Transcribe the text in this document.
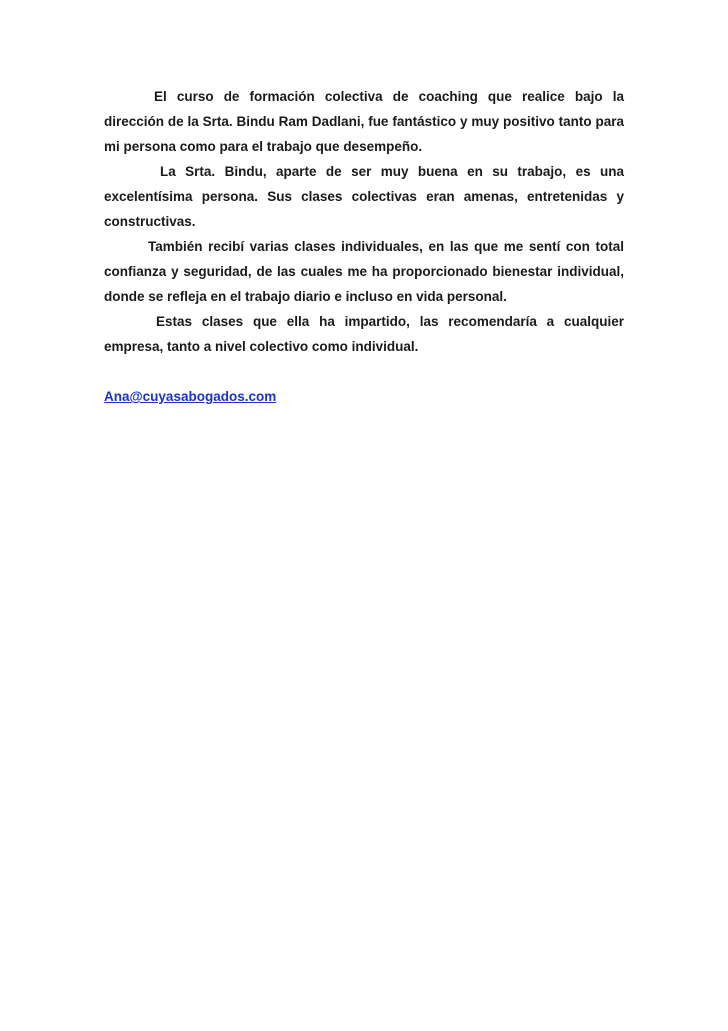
El curso de formación colectiva de coaching que realice bajo la dirección de la Srta. Bindu Ram Dadlani, fue fantástico y muy positivo tanto para mi persona como para el trabajo que desempeño.

La Srta. Bindu, aparte de ser muy buena en su trabajo, es una excelentísima persona. Sus clases colectivas eran amenas, entretenidas y constructivas.

También recibí varias clases individuales, en las que me sentí con total confianza y seguridad, de las cuales me ha proporcionado bienestar individual, donde se refleja en el trabajo diario e incluso en vida personal.

Estas clases que ella ha impartido, las recomendaría a cualquier empresa, tanto a nivel colectivo como individual.

Ana@cuyasabogados.com
